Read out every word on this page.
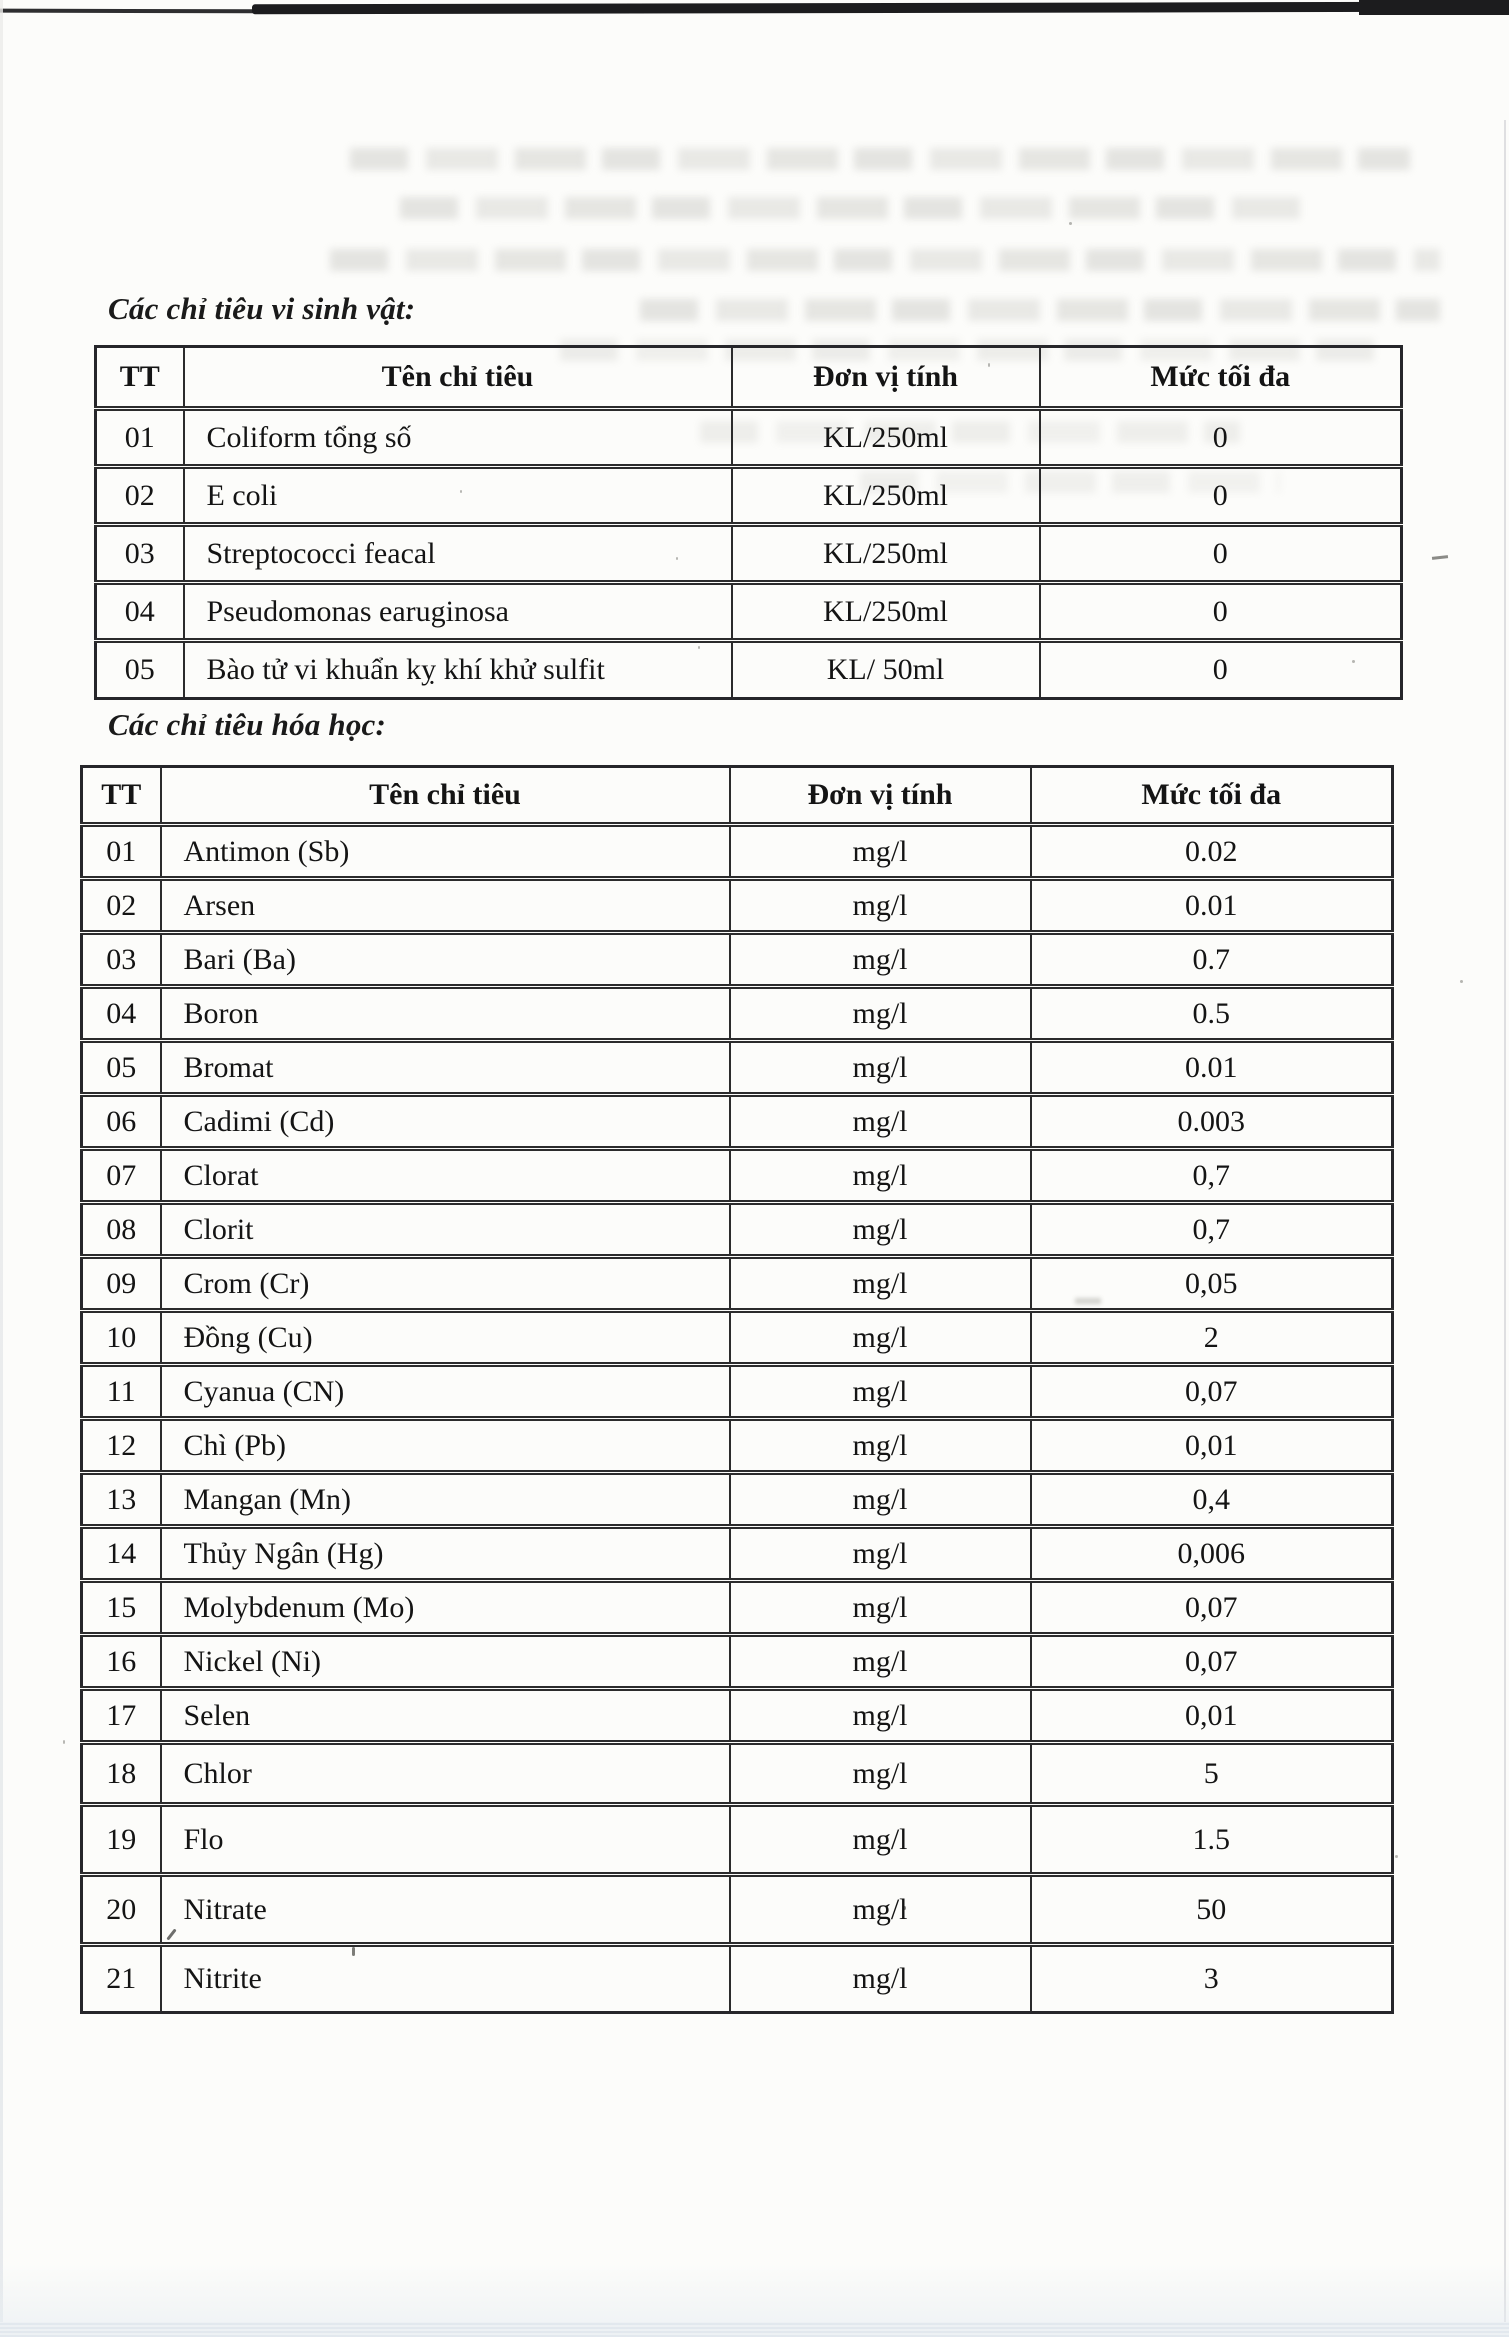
Các chỉ tiêu vi sinh vật:
TT	Tên chỉ tiêu	Đơn vị tính	Mức tối đa
01	Coliform tổng số	KL/250ml	0
02	E coli	KL/250ml	0
03	Streptococci feacal	KL/250ml	0
04	Pseudomonas earuginosa	KL/250ml	0
05	Bào tử vi khuẩn kỵ khí khử sulfit	KL/ 50ml	0
Các chỉ tiêu hóa học:
TT	Tên chỉ tiêu	Đơn vị tính	Mức tối đa
01	Antimon (Sb)	mg/l	0.02
02	Arsen	mg/l	0.01
03	Bari (Ba)	mg/l	0.7
04	Boron	mg/l	0.5
05	Bromat	mg/l	0.01
06	Cadimi (Cd)	mg/l	0.003
07	Clorat	mg/l	0,7
08	Clorit	mg/l	0,7
09	Crom (Cr)	mg/l	0,05
10	Đồng (Cu)	mg/l	2
11	Cyanua (CN)	mg/l	0,07
12	Chì (Pb)	mg/l	0,01
13	Mangan (Mn)	mg/l	0,4
14	Thủy Ngân (Hg)	mg/l	0,006
15	Molybdenum (Mo)	mg/l	0,07
16	Nickel (Ni)	mg/l	0,07
17	Selen	mg/l	0,01
18	Chlor	mg/l	5
19	Flo	mg/l	1.5
20	Nitrate	mg/l	50
21	Nitrite	mg/l	3
